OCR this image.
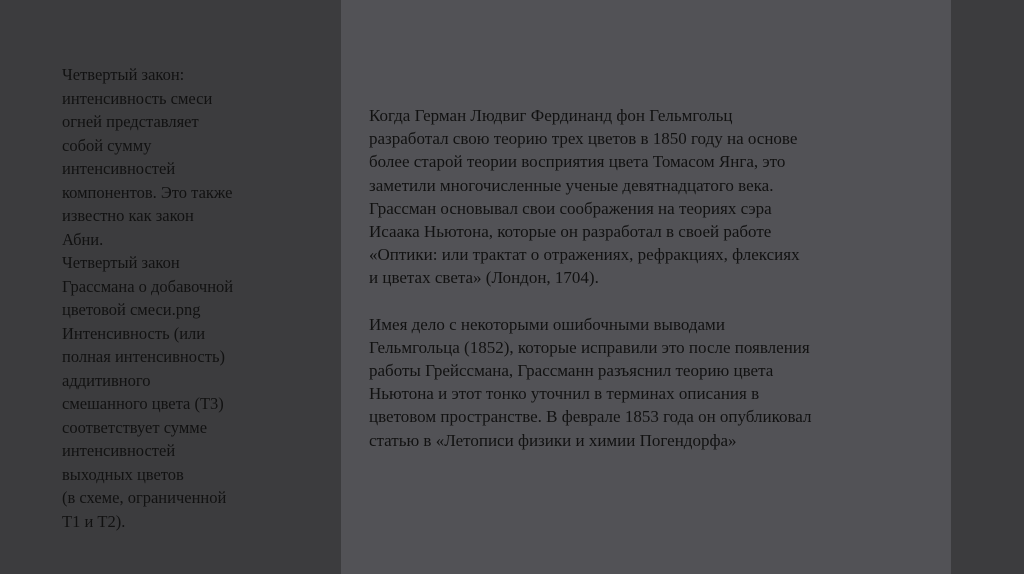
Четвертый закон:
интенсивность смеси
огней представляет
собой сумму
интенсивностей
компонентов. Это также
известно как закон
Абни.
Четвертый закон
Грассмана о добавочной
цветовой смеси.png
Интенсивность (или
полная интенсивность)
аддитивного
смешанного цвета (Т3)
соответствует сумме
интенсивностей
выходных цветов
(в схеме, ограниченной
Т1 и Т2).

Когда Герман Людвиг Фердинанд фон Гельмгольц
разработал свою теорию трех цветов в 1850 году на основе
более старой теории восприятия цвета Томасом Янга, это
заметили многочисленные ученые девятнадцатого века.
Грассман основывал свои соображения на теориях сэра
Исаака Ньютона, которые он разработал в своей работе
«Оптики: или трактат о отражениях, рефракциях, флексиях
и цветах света» (Лондон, 1704).

Имея дело с некоторыми ошибочными выводами
Гельмгольца (1852), которые исправили это после появления
работы Грейссмана, Грассманн разъяснил теорию цвета
Ньютона и этот тонко уточнил в терминах описания в
цветовом пространстве. В феврале 1853 года он опубликовал
статью в «Летописи физики и химии Погендорфа»
